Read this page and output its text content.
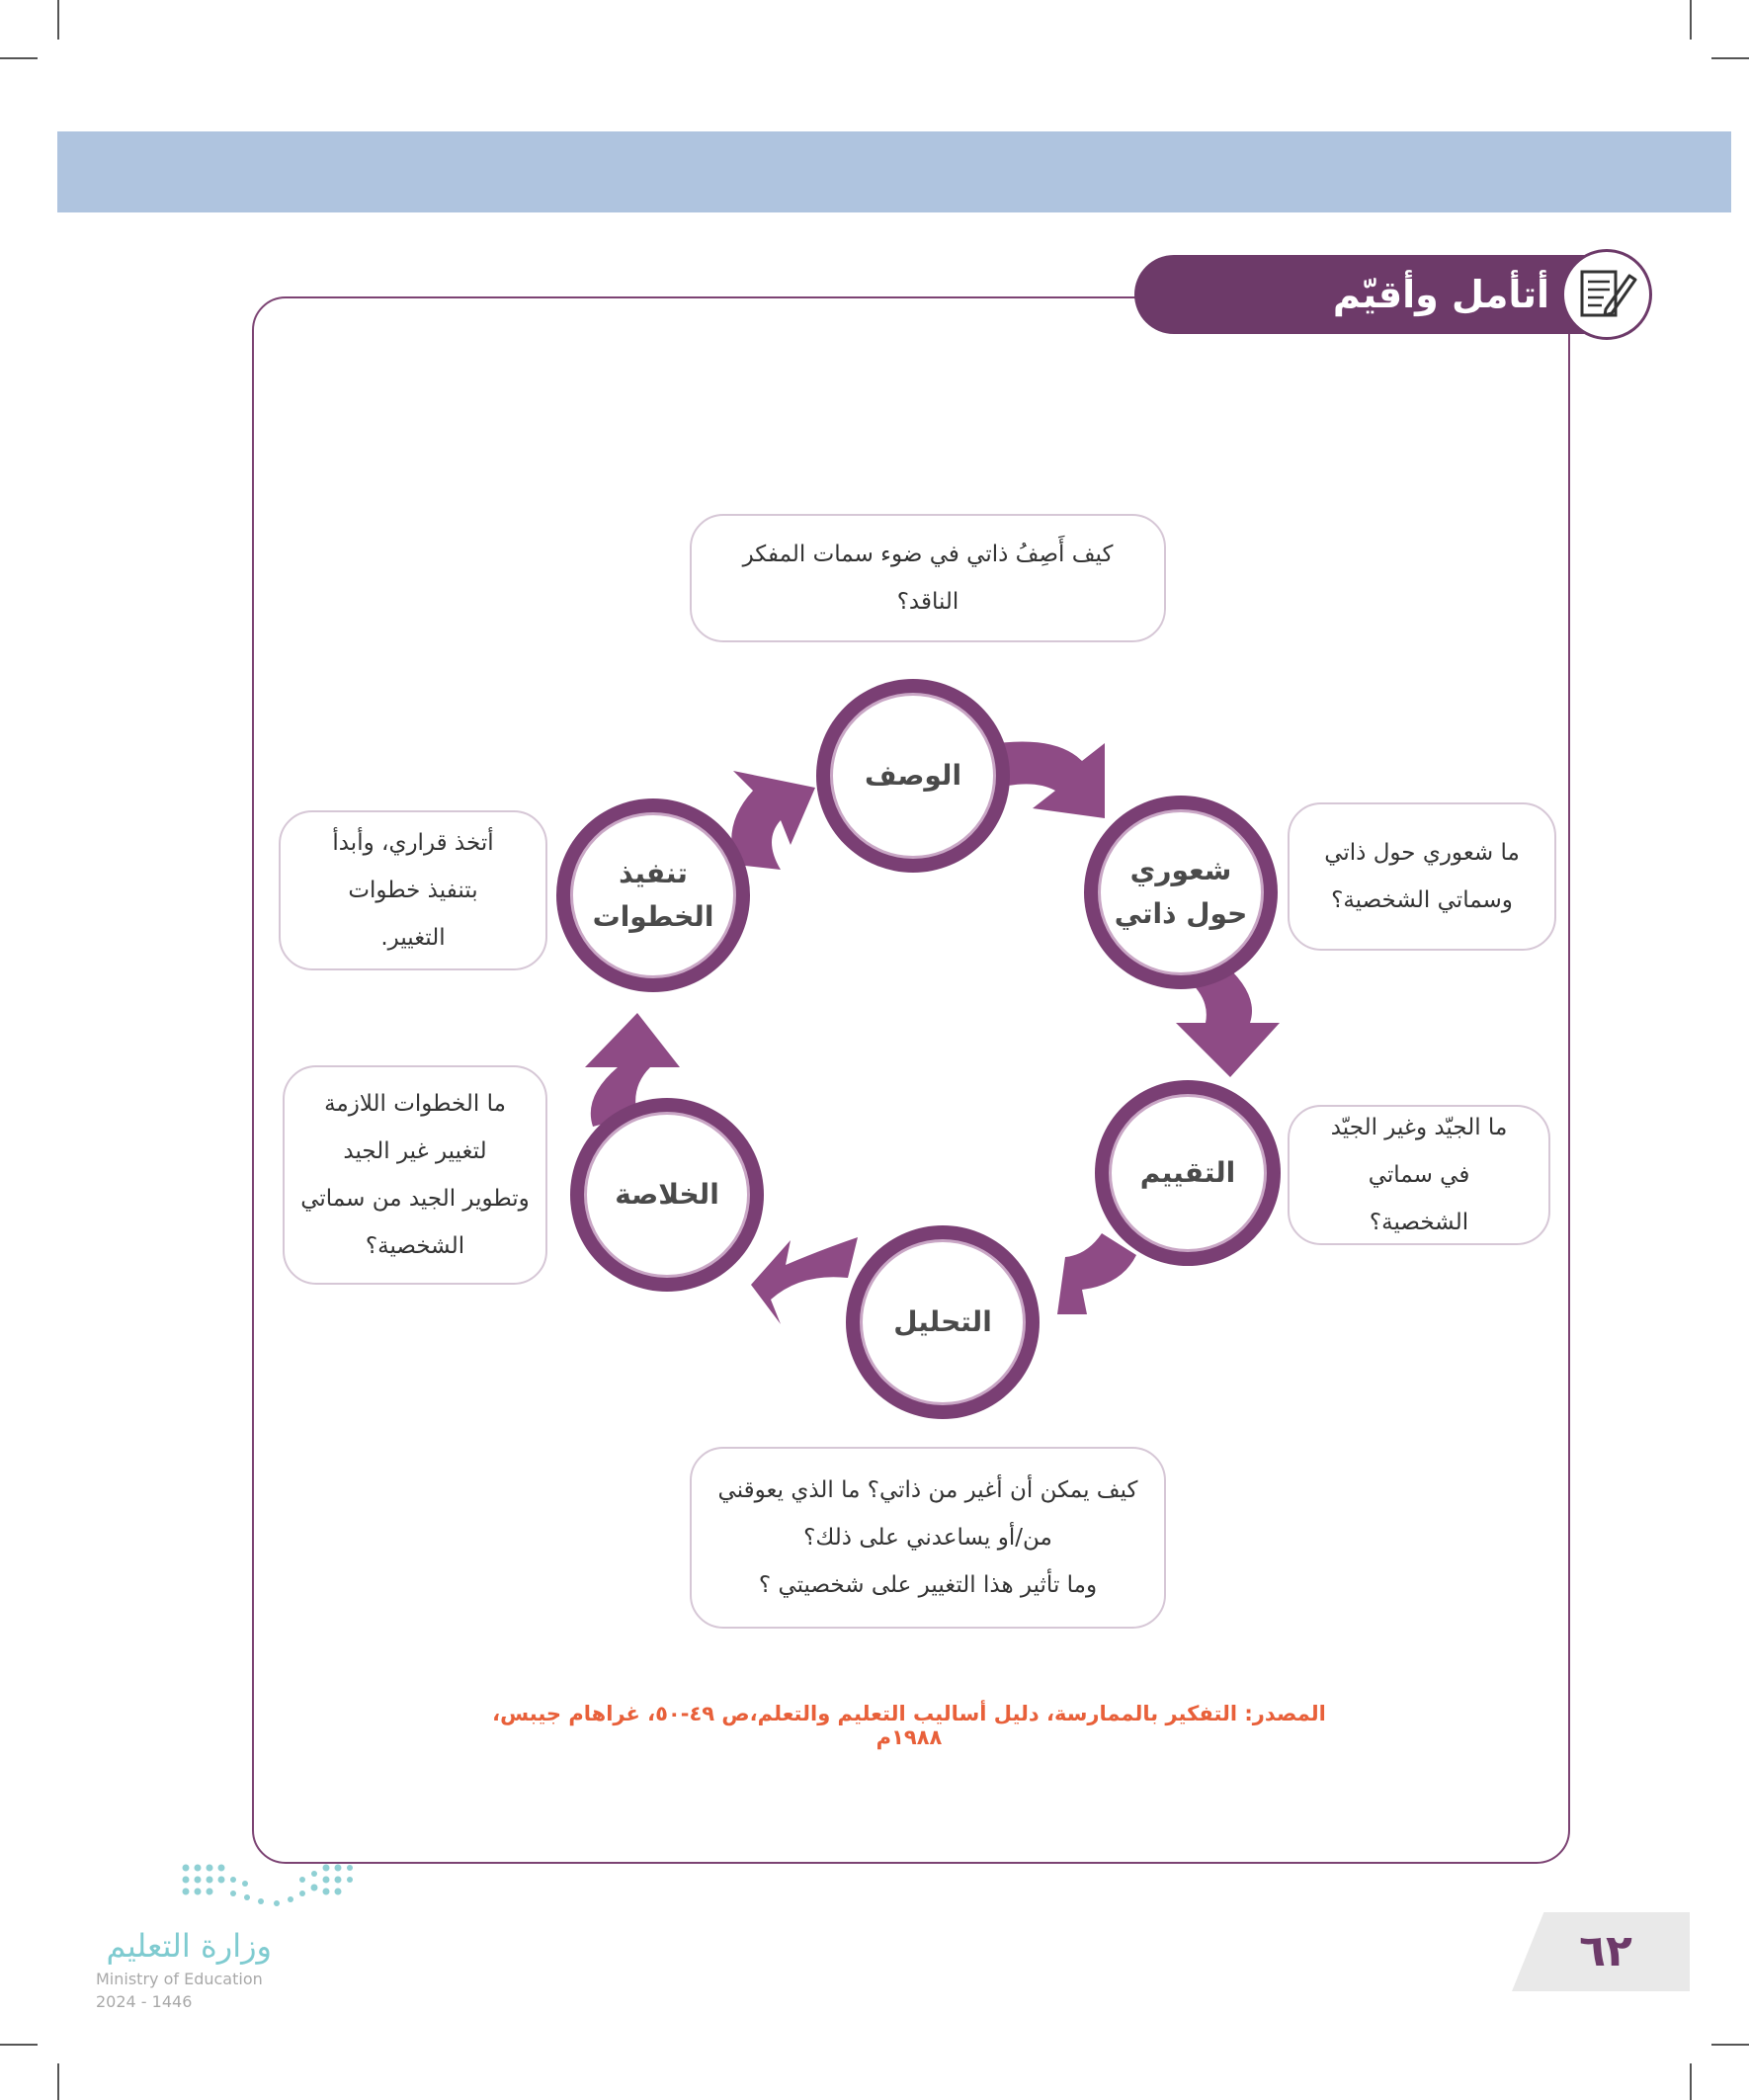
أتأمل وأقيّم مكتسباتي
الوصف
شعوري حول ذاتي
التقييم
التحليل
الخلاصة
تنفيذ الخطوات
كيف أَصِفُ ذاتي في ضوء سمات المفكر
الناقد؟
ما شعوري حول ذاتي
وسماتي الشخصية؟
ما الجيّد وغير الجيّد
في سماتي الشخصية؟
كيف يمكن أن أغير من ذاتي؟ ما الذي يعوقني
من/أو يساعدني على ذلك؟
وما تأثير هذا التغيير على شخصيتي ؟
ما الخطوات اللازمة
لتغيير غير الجيد
وتطوير الجيد من سماتي
الشخصية؟
أتخذ قراري، وأبدأ
بتنفيذ خطوات
التغيير.
المصدر: التفكير بالممارسة، دليل أساليب التعليم والتعلم،ص ٤٩-٥٠، غراهام جيبس، ١٩٨٨م
وزارة التعليم
Ministry of Education
2024 - 1446
٦٢
